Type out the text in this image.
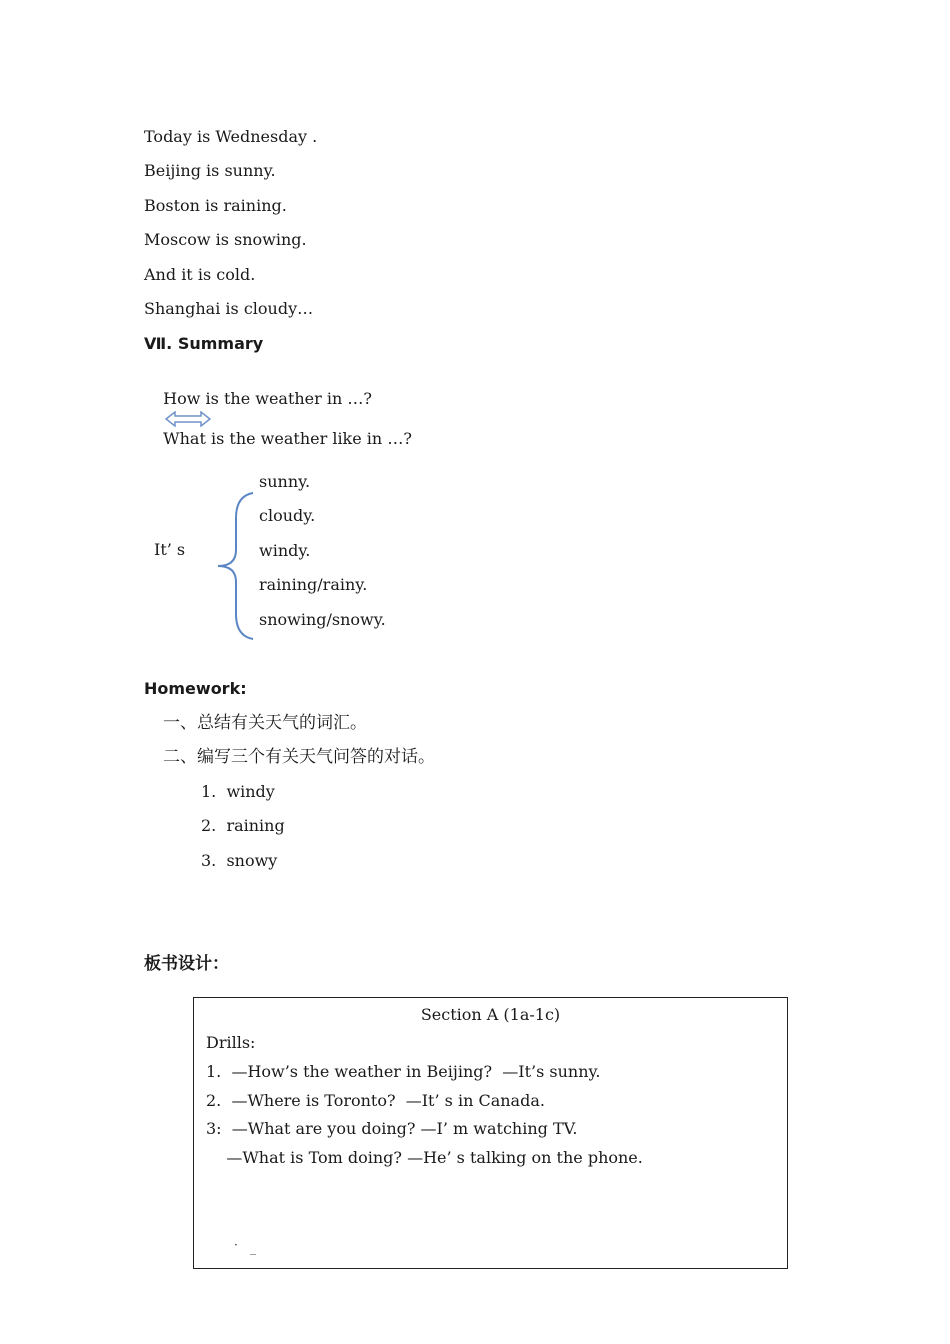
Today is Wednesday .
Beijing is sunny.
Boston is raining.
Moscow is snowing.
And it is cold.
Shanghai is cloudy…
Ⅶ. Summary

How is the weather in …?

What is the weather like in …?

It’ s
sunny.
cloudy.
windy.
raining/rainy.
snowing/snowy.
Homework:
一、总结有关天气的词汇。
二、编写三个有关天气问答的对话。
1.  windy
2.  raining
3.  snowy
板书设计：
Section A (1a-1c)
Drills:
1.  —How’s the weather in Beijing?  —It’s sunny.
2.  —Where is Toronto?  —It’ s in Canada.
3:  —What are you doing? —I’ m watching TV.
—What is Tom doing? —He’ s talking on the phone.
·
‾
